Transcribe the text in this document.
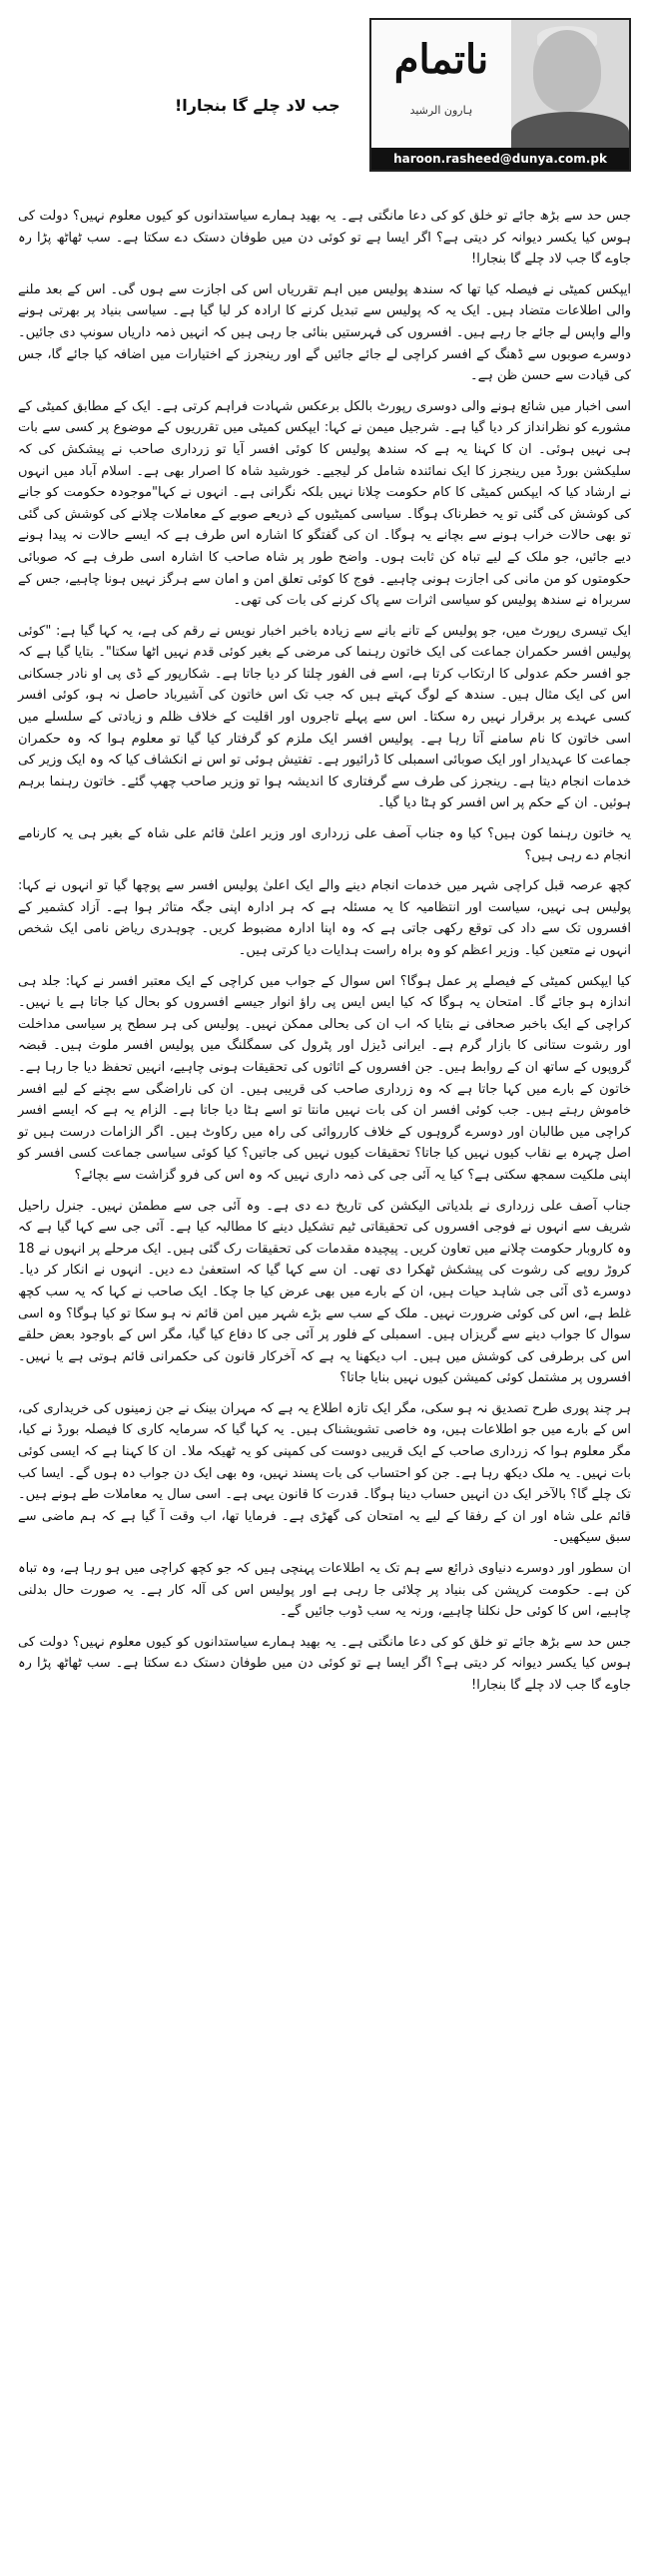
جب لاد چلے گا بنجارا!
ناتمام
ہارون الرشید
haroon.rasheed@dunya.com.pk

جس حد سے بڑھ جائے تو خلق کو کی دعا مانگتی ہے۔ یہ بھید ہمارے سیاستدانوں کو کیوں معلوم نہیں؟ دولت کی ہوس کیا یکسر دیوانہ کر دیتی ہے؟ اگر ایسا ہے تو کوئی دن میں طوفان دستک دے سکتا ہے۔ سب ٹھاٹھ پڑا رہ جاوے گا جب لاد چلے گا بنجارا!

ایپکس کمیٹی نے فیصلہ کیا تھا کہ سندھ پولیس میں اہم تقرریاں اس کی اجازت سے ہوں گی۔ اس کے بعد ملنے والی اطلاعات متضاد ہیں۔ ایک یہ کہ پولیس سے تبدیل کرنے کا ارادہ کر لیا گیا ہے۔ سیاسی بنیاد پر بھرتی ہونے والے واپس لے جائے جا رہے ہیں۔ افسروں کی فہرستیں بنائی جا رہی ہیں کہ انہیں ذمہ داریاں سونپ دی جائیں۔ دوسرے صوبوں سے ڈھنگ کے افسر کراچی لے جائے جائیں گے اور رینجرز کے اختیارات میں اضافہ کیا جائے گا، جس کی قیادت سے حسن ظن ہے۔

اسی اخبار میں شائع ہونے والی دوسری رپورٹ بالکل برعکس شہادت فراہم کرتی ہے۔ ایک کے مطابق کمیٹی کے مشورے کو نظرانداز کر دیا گیا ہے۔ شرجیل میمن نے کہا: ایپکس کمیٹی میں تقرریوں کے موضوع پر کسی سے بات ہی نہیں ہوئی۔ ان کا کہنا یہ ہے کہ سندھ پولیس کا کوئی افسر آیا تو زرداری صاحب نے پیشکش کی کہ سلیکشن بورڈ میں رینجرز کا ایک نمائندہ شامل کر لیجیے۔ خورشید شاہ کا اصرار بھی ہے۔ اسلام آباد میں انہوں نے ارشاد کیا کہ ایپکس کمیٹی کا کام حکومت چلانا نہیں بلکہ نگرانی ہے۔ انہوں نے کہا"موجودہ حکومت کو جانے کی کوشش کی گئی تو یہ خطرناک ہوگا۔ سیاسی کمیٹیوں کے ذریعے صوبے کے معاملات چلانے کی کوشش کی گئی تو بھی حالات خراب ہونے سے بچانے یہ ہوگا۔ ان کی گفتگو کا اشارہ اس طرف ہے کہ ایسے حالات نہ پیدا ہونے دیے جائیں، جو ملک کے لیے تباہ کن ثابت ہوں۔ واضح طور پر شاہ صاحب کا اشارہ اسی طرف ہے کہ صوبائی حکومتوں کو من مانی کی اجازت ہونی چاہیے۔ فوج کا کوئی تعلق امن و امان سے ہرگز نہیں ہونا چاہیے، جس کے سربراہ نے سندھ پولیس کو سیاسی اثرات سے پاک کرنے کی بات کی تھی۔

ایک تیسری رپورٹ میں، جو پولیس کے تانے بانے سے زیادہ باخبر اخبار نویس نے رقم کی ہے، یہ کہا گیا ہے: "کوئی پولیس افسر حکمران جماعت کی ایک خاتون رہنما کی مرضی کے بغیر کوئی قدم نہیں اٹھا سکتا"۔ بتایا گیا ہے کہ جو افسر حکم عدولی کا ارتکاب کرتا ہے، اسے فی الفور چلتا کر دیا جاتا ہے۔ شکارپور کے ڈی پی او نادر جسکانی اس کی ایک مثال ہیں۔ سندھ کے لوگ کہتے ہیں کہ جب تک اس خاتون کی آشیرباد حاصل نہ ہو، کوئی افسر کسی عہدے پر برقرار نہیں رہ سکتا۔ اس سے پہلے تاجروں اور اقلیت کے خلاف ظلم و زیادتی کے سلسلے میں اسی خاتون کا نام سامنے آتا رہا ہے۔ پولیس افسر ایک ملزم کو گرفتار کیا گیا تو معلوم ہوا کہ وہ حکمران جماعت کا عہدیدار اور ایک صوبائی اسمبلی کا ڈرائیور ہے۔ تفتیش ہوئی تو اس نے انکشاف کیا کہ وہ ایک وزیر کی خدمات انجام دیتا ہے۔ رینجرز کی طرف سے گرفتاری کا اندیشہ ہوا تو وزیر صاحب چھپ گئے۔ خاتون رہنما برہم ہوئیں۔ ان کے حکم پر اس افسر کو ہٹا دیا گیا۔

یہ خاتون رہنما کون ہیں؟ کیا وہ جناب آصف علی زرداری اور وزیر اعلیٰ قائم علی شاہ کے بغیر ہی یہ کارنامے انجام دے رہی ہیں؟

کچھ عرصہ قبل کراچی شہر میں خدمات انجام دینے والے ایک اعلیٰ پولیس افسر سے پوچھا گیا تو انہوں نے کہا: پولیس ہی نہیں، سیاست اور انتظامیہ کا یہ مسئلہ ہے کہ ہر ادارہ اپنی جگہ متاثر ہوا ہے۔ آزاد کشمیر کے افسروں تک سے داد کی توقع رکھی جاتی ہے کہ وہ اپنا ادارہ مضبوط کریں۔ چوہدری ریاض نامی ایک شخص انہوں نے متعین کیا۔ وزیر اعظم کو وہ براہ راست ہدایات دیا کرتی ہیں۔

کیا ایپکس کمیٹی کے فیصلے پر عمل ہوگا؟ اس سوال کے جواب میں کراچی کے ایک معتبر افسر نے کہا: جلد ہی اندازہ ہو جائے گا۔ امتحان یہ ہوگا کہ کیا ایس ایس پی راؤ انوار جیسے افسروں کو بحال کیا جاتا ہے یا نہیں۔ کراچی کے ایک باخبر صحافی نے بتایا کہ اب ان کی بحالی ممکن نہیں۔ پولیس کی ہر سطح پر سیاسی مداخلت اور رشوت ستانی کا بازار گرم ہے۔ ایرانی ڈیزل اور پٹرول کی سمگلنگ میں پولیس افسر ملوث ہیں۔ قبضہ گروپوں کے ساتھ ان کے روابط ہیں۔ جن افسروں کے اثاثوں کی تحقیقات ہونی چاہیے، انہیں تحفظ دیا جا رہا ہے۔ خاتون کے بارے میں کہا جاتا ہے کہ وہ زرداری صاحب کی قریبی ہیں۔ ان کی ناراضگی سے بچنے کے لیے افسر خاموش رہتے ہیں۔ جب کوئی افسر ان کی بات نہیں مانتا تو اسے ہٹا دیا جاتا ہے۔ الزام یہ ہے کہ ایسے افسر کراچی میں طالبان اور دوسرے گروہوں کے خلاف کارروائی کی راہ میں رکاوٹ ہیں۔ اگر الزامات درست ہیں تو اصل چہرہ بے نقاب کیوں نہیں کیا جاتا؟ تحقیقات کیوں نہیں کی جاتیں؟ کیا کوئی سیاسی جماعت کسی افسر کو اپنی ملکیت سمجھ سکتی ہے؟ کیا یہ آئی جی کی ذمہ داری نہیں کہ وہ اس کی فرو گزاشت سے بچائے؟

جناب آصف علی زرداری نے بلدیاتی الیکشن کی تاریخ دے دی ہے۔ وہ آئی جی سے مطمئن نہیں۔ جنرل راحیل شریف سے انہوں نے فوجی افسروں کی تحقیقاتی ٹیم تشکیل دینے کا مطالبہ کیا ہے۔ آئی جی سے کہا گیا ہے کہ وہ کاروبار حکومت چلانے میں تعاون کریں۔ پیچیدہ مقدمات کی تحقیقات رک گئی ہیں۔ ایک مرحلے پر انہوں نے 18 کروڑ روپے کی رشوت کی پیشکش ٹھکرا دی تھی۔ ان سے کہا گیا کہ استعفیٰ دے دیں۔ انہوں نے انکار کر دیا۔ دوسرے ڈی آئی جی شاہد حیات ہیں، ان کے بارے میں بھی عرض کیا جا چکا۔ ایک صاحب نے کہا کہ یہ سب کچھ غلط ہے، اس کی کوئی ضرورت نہیں۔ ملک کے سب سے بڑے شہر میں امن قائم نہ ہو سکا تو کیا ہوگا؟ وہ اسی سوال کا جواب دینے سے گریزاں ہیں۔ اسمبلی کے فلور پر آئی جی کا دفاع کیا گیا، مگر اس کے باوجود بعض حلقے اس کی برطرفی کی کوشش میں ہیں۔ اب دیکھنا یہ ہے کہ آخرکار قانون کی حکمرانی قائم ہوتی ہے یا نہیں۔ افسروں پر مشتمل کوئی کمیشن کیوں نہیں بنایا جاتا؟

ہر چند پوری طرح تصدیق نہ ہو سکی، مگر ایک تازہ اطلاع یہ ہے کہ مہران بینک نے جن زمینوں کی خریداری کی، اس کے بارے میں جو اطلاعات ہیں، وہ خاصی تشویشناک ہیں۔ یہ کہا گیا کہ سرمایہ کاری کا فیصلہ بورڈ نے کیا، مگر معلوم ہوا کہ زرداری صاحب کے ایک قریبی دوست کی کمپنی کو یہ ٹھیکہ ملا۔ ان کا کہنا ہے کہ ایسی کوئی بات نہیں۔ یہ ملک دیکھ رہا ہے۔ جن کو احتساب کی بات پسند نہیں، وہ بھی ایک دن جواب دہ ہوں گے۔ ایسا کب تک چلے گا؟ بالآخر ایک دن انہیں حساب دینا ہوگا۔ قدرت کا قانون یہی ہے۔ اسی سال یہ معاملات طے ہونے ہیں۔ قائم علی شاہ اور ان کے رفقا کے لیے یہ امتحان کی گھڑی ہے۔ فرمایا تھا، اب وقت آ گیا ہے کہ ہم ماضی سے سبق سیکھیں۔

ان سطور اور دوسرے دنیاوی ذرائع سے ہم تک یہ اطلاعات پہنچی ہیں کہ جو کچھ کراچی میں ہو رہا ہے، وہ تباہ کن ہے۔ حکومت کرپشن کی بنیاد پر چلائی جا رہی ہے اور پولیس اس کی آلہ کار ہے۔ یہ صورت حال بدلنی چاہیے، اس کا کوئی حل نکلنا چاہیے، ورنہ یہ سب ڈوب جائیں گے۔

جس حد سے بڑھ جائے تو خلق کو کی دعا مانگتی ہے۔ یہ بھید ہمارے سیاستدانوں کو کیوں معلوم نہیں؟ دولت کی ہوس کیا یکسر دیوانہ کر دیتی ہے؟ اگر ایسا ہے تو کوئی دن میں طوفان دستک دے سکتا ہے۔ سب ٹھاٹھ پڑا رہ جاوے گا جب لاد چلے گا بنجارا!
